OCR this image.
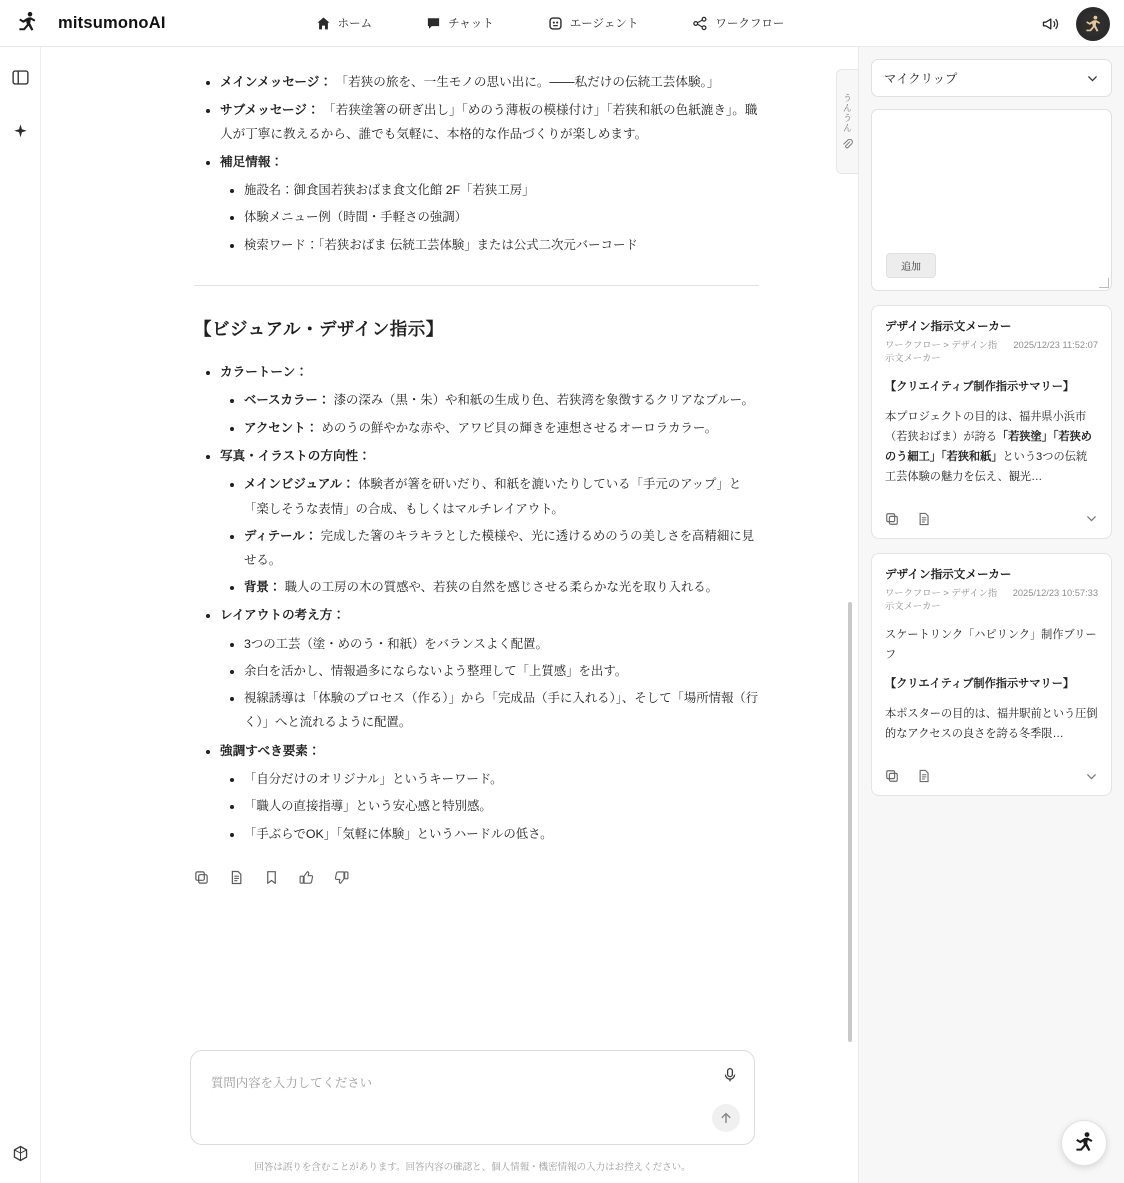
mitsumonoAI	ホーム	チャット	エージェント	ワークフロー
うんうん
• メインメッセージ： 「若狭の旅を、一生モノの思い出に。――私だけの伝統工芸体験。」
• サブメッセージ： 「若狭塗箸の研ぎ出し」「めのう薄板の模様付け」「若狭和紙の色紙漉き」。職人が丁寧に教えるから、誰でも気軽に、本格的な作品づくりが楽しめます。
• 補足情報：
• 施設名：御食国若狭おばま食文化館 2F「若狭工房」
• 体験メニュー例（時間・手軽さの強調）
• 検索ワード：「若狭おばま 伝統工芸体験」または公式二次元バーコード
【ビジュアル・デザイン指示】
• カラートーン：
• ベースカラー： 漆の深み（黒・朱）や和紙の生成り色、若狭湾を象徴するクリアなブルー。
• アクセント： めのうの鮮やかな赤や、アワビ貝の輝きを連想させるオーロラカラー。
• 写真・イラストの方向性：
• メインビジュアル： 体験者が箸を研いだり、和紙を漉いたりしている「手元のアップ」と「楽しそうな表情」の合成、もしくはマルチレイアウト。
• ディテール： 完成した箸のキラキラとした模様や、光に透けるめのうの美しさを高精細に見せる。
• 背景： 職人の工房の木の質感や、若狭の自然を感じさせる柔らかな光を取り入れる。
• レイアウトの考え方：
• 3つの工芸（塗・めのう・和紙）をバランスよく配置。
• 余白を活かし、情報過多にならないよう整理して「上質感」を出す。
• 視線誘導は「体験のプロセス（作る）」から「完成品（手に入れる）」、そして「場所情報（行く）」へと流れるように配置。
• 強調すべき要素：
• 「自分だけのオリジナル」というキーワード。
• 「職人の直接指導」という安心感と特別感。
• 「手ぶらでOK」「気軽に体験」というハードルの低さ。
質問内容を入力してください
回答は誤りを含むことがあります。回答内容の確認と、個人情報・機密情報の入力はお控えください。
マイクリップ
追加
デザイン指示文メーカー
ワークフロー > デザイン指示文メーカー
2025/12/23 11:52:07

【クリエイティブ制作指示サマリー】

本プロジェクトの目的は、福井県小浜市（若狭おばま）が誇る「若狭塗」「若狭めのう細工」「若狭和紙」という3つの伝統工芸体験の魅力を伝え、観光…

デザイン指示文メーカー
ワークフロー > デザイン指示文メーカー
2025/12/23 10:57:33

スケートリンク「ハピリンク」制作ブリーフ

【クリエイティブ制作指示サマリー】

本ポスターの目的は、福井駅前という圧倒的なアクセスの良さを誇る冬季限…
